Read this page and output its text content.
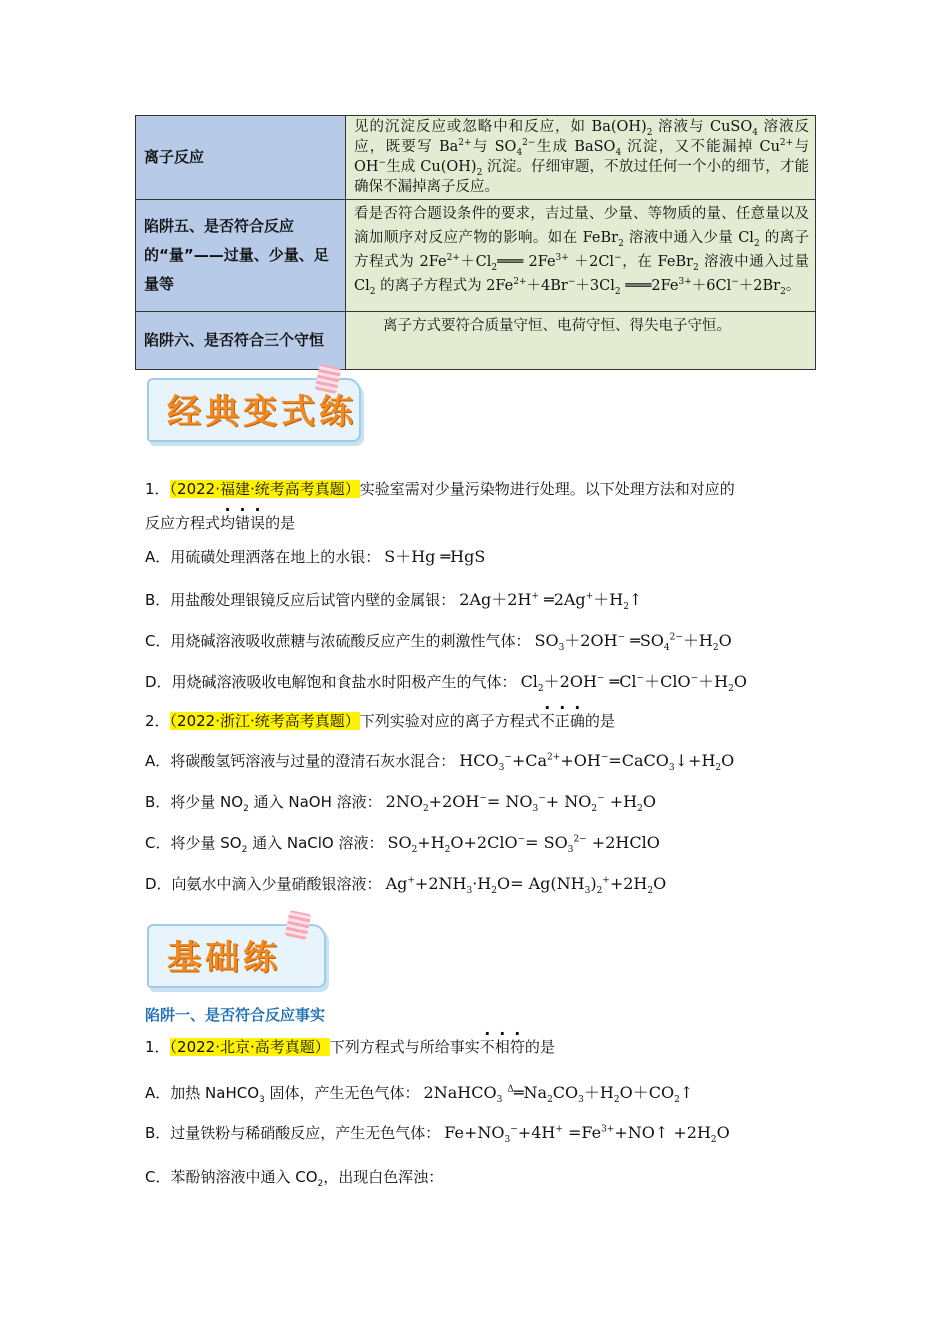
离子反应	见的沉淀反应或忽略中和反应，如 $Ba(OH)_2$ 溶液与 CuSO$_4$ 溶液反应，既要写 $Ba^{2+}$与 $SO_4^{2-}$生成 BaSO$_4$ 沉淀，又不能漏掉 $Cu^{2+}$与 OH−生成 $Cu(OH)_2$ 沉淀。仔细审题，不放过任何一个小的细节，才能确保不漏掉离子反应。
陷阱五、是否符合反应的“量”——过量、少量、足量等	看是否符合题设条件的要求，吉过量、少量、等物质的量、任意量以及滴加顺序对反应产物的影响。如在 FeBr$_2$ 溶液中通入少量 $Cl_2$ 的离子方程式为 $2Fe^{2+}+Cl_2═══$ $2Fe^{3+} +2Cl^-$，在 FeBr$_2$ 溶液中通入过量 $Cl_2$ 的离子方程式为 $2Fe^{2+}+4Br^-+3Cl_2$ $═══2Fe^{3+}+6Cl^-+2Br_2$。
陷阱六、是否符合三个守恒	离子方式要符合质量守恒、电荷守恒、得失电子守恒。
经典变式练
1．（2022·福建·统考高考真题）实验室需对少量污染物进行处理。以下处理方法和对应的
反应方程式均错误的是
A．用硫磺处理洒落在地上的水银： S＋Hg ═HgS
B．用盐酸处理银镜反应后试管内壁的金属银： 2Ag＋2H+ $═2Ag^++H_2↑$
C．用烧碱溶液吸收蔗糖与浓硫酸反应产生的刺激性气体： $SO_3+2OH^-$ $═SO_4^{2-}+H_2O$
D．用烧碱溶液吸收电解饱和食盐水时阳极产生的气体： $Cl_2+2OH^-$ $═Cl^-+ClO^-+H_2O$
2．（2022·浙江·统考高考真题）下列实验对应的离子方程式不正确的是
A．将碳酸氢钙溶液与过量的澄清石灰水混合： $HCO_3^-+Ca^{2+}+OH^-=CaCO_3↓+H_2O$
B．将少量 $NO_2$ 通入 NaOH 溶液： $2NO_2+2OH^-= NO_3^-+ NO_2^- +H_2O$
C．将少量 $SO_2$ 通入 NaClO 溶液： $SO_2+H_2O+2ClO^-= SO_3^{2-}$ +2HClO
D．向氨水中滴入少量硝酸银溶液： $Ag^++2NH_3\cdot H_2O= Ag(NH_3)_2^++2H_2O$
基础练
陷阱一、是否符合反应事实
1．（2022·北京·高考真题）下列方程式与所给事实不相符的是
A．加热 NaHCO$_3$ 固体，产生无色气体： 2NaHCO$_3$ $^\Delta═Na_2CO_3+H_2O+CO_2↑$
B．过量铁粉与稀硝酸反应，产生无色气体： $Fe+NO_3^-+4H^+$ $=Fe^{3+}+NO↑ +2H_2O$
C．苯酚钠溶液中通入 $CO_2$，出现白色浑浊：
